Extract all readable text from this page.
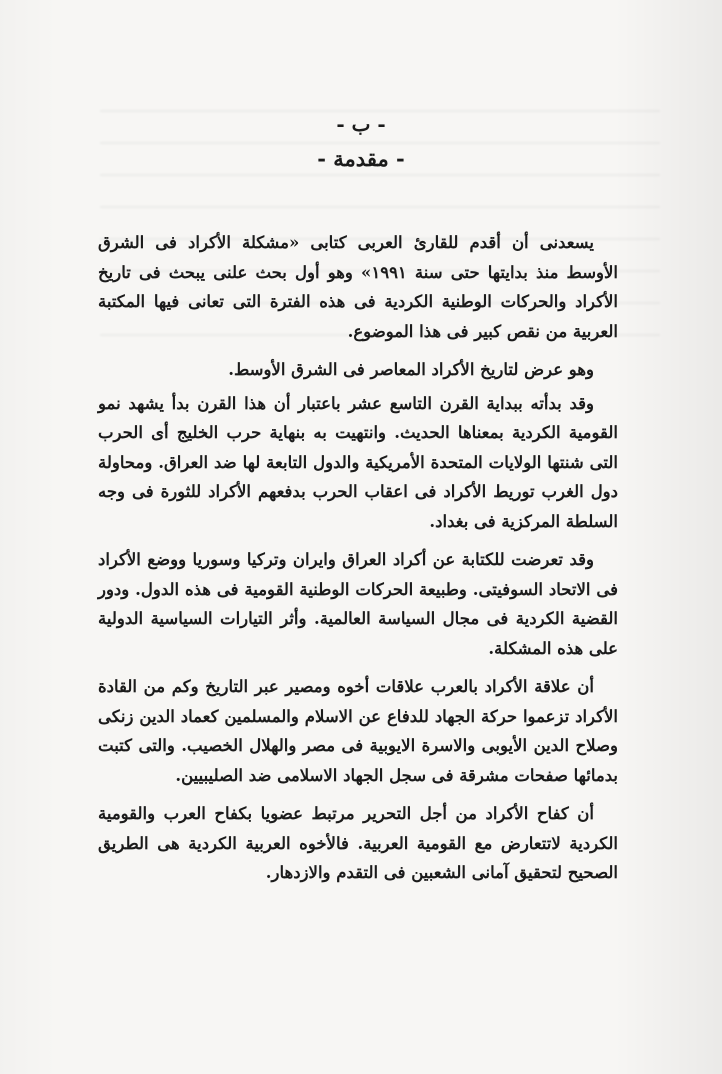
- ب -
- مقدمة -

يسعدنى أن أقدم للقارئ العربى كتابى «مشكلة الأكراد فى الشرق الأوسط منذ بدايتها حتى سنة ١٩٩١» وهو أول بحث علنى يبحث فى تاريخ الأكراد والحركات الوطنية الكردية فى هذه الفترة التى تعانى فيها المكتبة العربية من نقص كبير فى هذا الموضوع.

وهو عرض لتاريخ الأكراد المعاصر فى الشرق الأوسط.

وقد بدأته ببداية القرن التاسع عشر باعتبار أن هذا القرن بدأ يشهد نمو القومية الكردية بمعناها الحديث. وانتهيت به بنهاية حرب الخليج أى الحرب التى شنتها الولايات المتحدة الأمريكية والدول التابعة لها ضد العراق. ومحاولة دول الغرب توريط الأكراد فى اعقاب الحرب بدفعهم الأكراد للثورة فى وجه السلطة المركزية فى بغداد.

وقد تعرضت للكتابة عن أكراد العراق وايران وتركيا وسوريا ووضع الأكراد فى الاتحاد السوفيتى. وطبيعة الحركات الوطنية القومية فى هذه الدول. ودور القضية الكردية فى مجال السياسة العالمية. وأثر التيارات السياسية الدولية على هذه المشكلة.

أن علاقة الأكراد بالعرب علاقات أخوه ومصير عبر التاريخ وكم من القادة الأكراد تزعموا حركة الجهاد للدفاع عن الاسلام والمسلمين كعماد الدين زنكى وصلاح الدين الأيوبى والاسرة الايوبية فى مصر والهلال الخصيب. والتى كتبت بدمائها صفحات مشرقة فى سجل الجهاد الاسلامى ضد الصليبيين.

أن كفاح الأكراد من أجل التحرير مرتبط عضويا بكفاح العرب والقومية الكردية لاتتعارض مع القومية العربية. فالأخوه العربية الكردية هى الطريق الصحيح لتحقيق آمانى الشعبين فى التقدم والازدهار.
